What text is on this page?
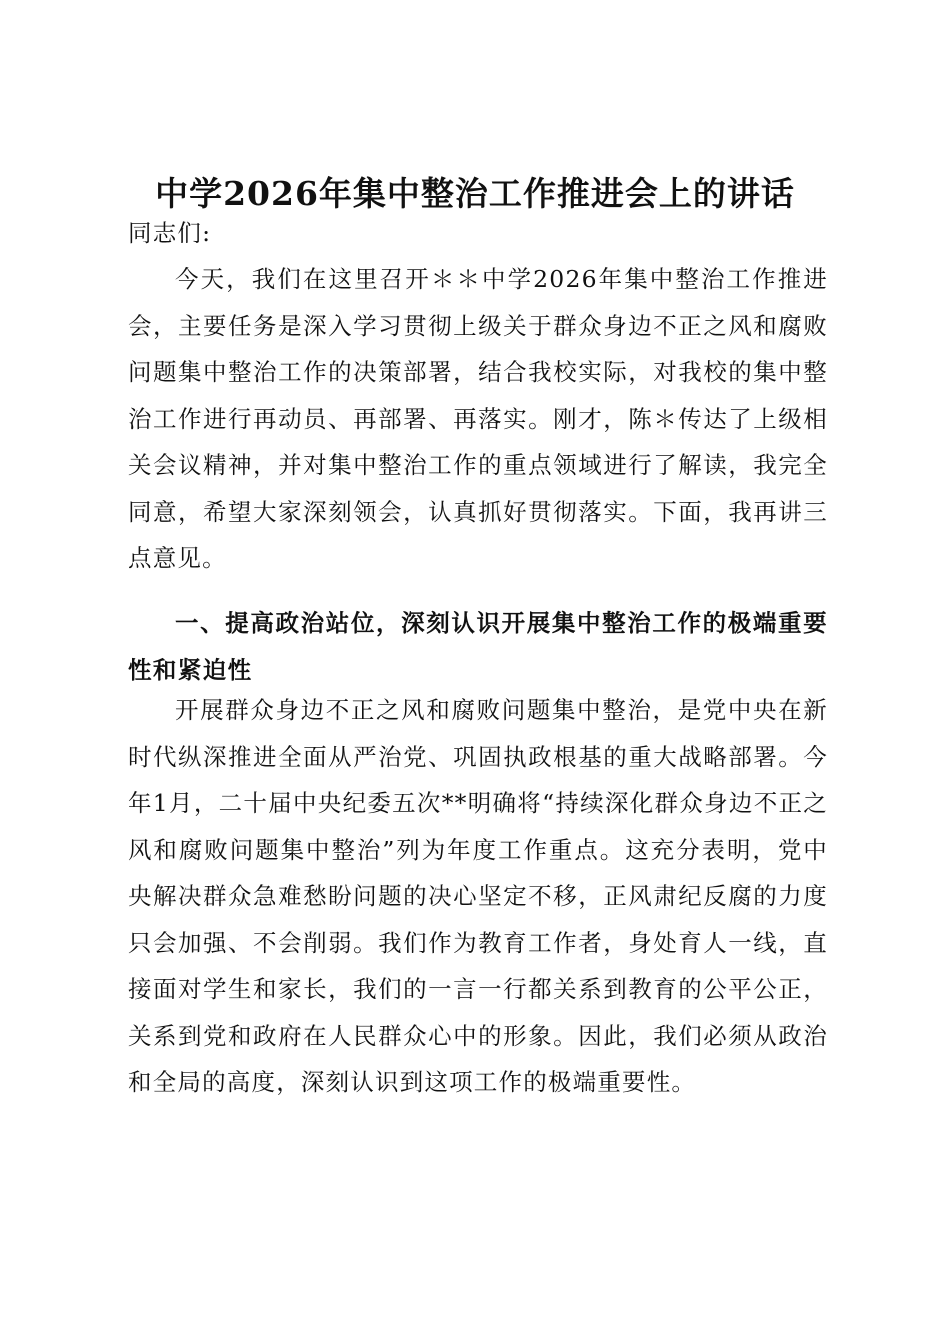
中学2026年集中整治工作推进会上的讲话

同志们:

今天，我们在这里召开＊＊中学2026年集中整治工作推进会，主要任务是深入学习贯彻上级关于群众身边不正之风和腐败问题集中整治工作的决策部署，结合我校实际，对我校的集中整治工作进行再动员、再部署、再落实。刚才，陈＊传达了上级相关会议精神，并对集中整治工作的重点领域进行了解读，我完全同意，希望大家深刻领会，认真抓好贯彻落实。下面，我再讲三点意见。

一、提高政治站位，深刻认识开展集中整治工作的极端重要性和紧迫性

开展群众身边不正之风和腐败问题集中整治，是党中央在新时代纵深推进全面从严治党、巩固执政根基的重大战略部署。今年1月，二十届中央纪委五次**明确将“持续深化群众身边不正之风和腐败问题集中整治”列为年度工作重点。这充分表明，党中央解决群众急难愁盼问题的决心坚定不移，正风肃纪反腐的力度只会加强、不会削弱。我们作为教育工作者，身处育人一线，直接面对学生和家长，我们的一言一行都关系到教育的公平公正，关系到党和政府在人民群众心中的形象。因此，我们必须从政治和全局的高度，深刻认识到这项工作的极端重要性。
